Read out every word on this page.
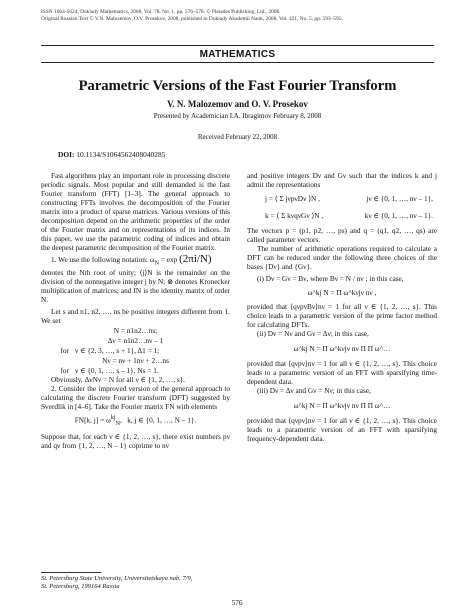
ISSN 1064-5624, Doklady Mathematics, 2008, Vol. 78, No. 1, pp. 576–578. © Pleiades Publishing, Ltd., 2008.
Original Russian Text © V.N. Malozemov, O.V. Prosekov, 2008, published in Doklady Akademii Nauk, 2008, Vol. 421, No. 5, pp. 593–595.
MATHEMATICS
Parametric Versions of the Fast Fourier Transform
V. N. Malozemov and O. V. Prosekov
Presented by Academician I.A. Ibragimov February 8, 2008
Received February 22, 2008
DOI: 10.1134/S1064562408040285

Fast algorithms play an important role in processing discrete periodic signals. Most popular and still demanded is the fast Fourier transform (FFT) [1–3]. The general approach to constructing FFTs involves the decomposition of the Fourier matrix into a product of sparse matrices. Various versions of this decomposition depend on the arithmetic properties of the order of the Fourier matrix and on representations of its indices. In this paper, we use the parametric coding of indices and obtain the deepest parametric decomposition of the Fourier matrix.

1. We use the following notation: $\omega_N = \exp (2\pi i/N)$

denotes the Nth root of unity; ⟨j⟩N is the remainder on the division of the nonnegative integer j by N; ⊗ denotes Kronecker multiplication of matrices; and IN is the identity matrix of order N.

Let s and n1, n2, …, ns be positive integers different from 1. We set

N = n1n2…ns;
Δν = n1n2…nν – 1
for ν ∈ {2, 3, …, s + 1}, Δ1 = 1;
Nν = nν + 1nν + 2…ns
for ν ∈ {0, 1, …, s – 1}, Ns = 1.

Obviously, ΔνNν = N for all ν ∈ {1, 2, …, s}.

2. Consider the improved version of the general approach to calculating the discrete Fourier transform (DFT) suggested by Sverdlik in [4–6]. Take the Fourier matrix FN with elements

FN[k, $j] = \omega^{kj}_N$,   k, j ∈ {0, 1, …, N – 1}.

Suppose that, for each ν ∈ {1, 2, …, s}, there exist numbers pν and qν from {1, 2, …, N – 1} coprime to nν

and positive integers Dν and Gν such that the indices k and j admit the representations

j = ⟨ Σ jνpνDν ⟩N ,	jν ∈ {0, 1, …, nν – 1},
k = ⟨ Σ kνqνGν ⟩N ,	kν ∈ {0, 1, …, nν – 1}.

The vectors p = (p1, p2, …, ps) and q = (q1, q2, …, qs) are called parameter vectors.

The number of arithmetic operations required to calculate a DFT can be reduced under the following three choices of the bases {Dν} and {Gν}.

(i) Dν = Gν = Bν, where Bν = N / nν ; in this case,

ω^kj N = Π ω^kνjν nν ,

provided that ⟨qνpνBν⟩nν = 1 for all ν ∈ {1, 2, …, s}. This choice leads to a parametric version of the prime factor method for calculating DFTs.

(ii) Dν = Nν and Gν = Δν; in this case,

ω^kj N = Π ω^kνjν nν Π Π ω^…

provided that ⟨qνpν⟩nν = 1 for all ν ∈ {1, 2, …, s}. This choice leads to a parametric version of an FFT with sparsifying time-dependent data.

(iii) Dν = Δν and Gν = Nν; in this case,

ω^kj N = Π ω^kνjν nν Π Π ω^…

provided that ⟨qνpν⟩nν = 1 for all ν ∈ {1, 2, …, s}. This choice leads to a parametric version of an FFT with sparsifying frequency-dependent data.

St. Petersburg State University, Universitetskaya nab. 7/9,
St. Petersburg, 199164 Russia
576
